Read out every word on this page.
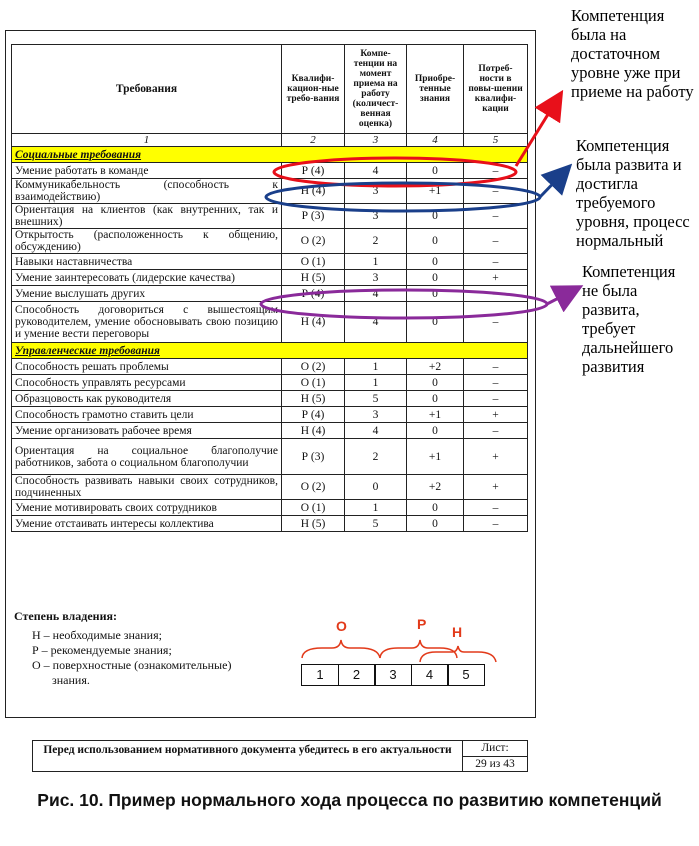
Требования	Квалифи-кацион-ные требо-вания	Компе-тенции на момент приема на работу (количест-венная оценка)	Приобре-тенные знания	Потреб-ности в повы-шении квалифи-кации
1	2	3	4	5
Социальные требования				
Умение работать в команде	Р (4)	4	0	–
Коммуникабельность (способность к взаимодействию)	Н (4)	3	+1	–
Ориентация на клиентов (как внутренних, так и внешних)	Р (3)	3	0	–
Открытость (расположенность к общению, обсуждению)	О (2)	2	0	–
Навыки наставничества	О (1)	1	0	–
Умение заинтересовать (лидерские качества)	Н (5)	3	0	+
Умение выслушать других	Р (4)	4	0	–
Способность договориться с вышестоящим руководителем, умение обосновывать свою позицию и умение вести переговоры	Н (4)	4	0	–
Управленческие требования				
Способность решать проблемы	О (2)	1	+2	–
Способность управлять ресурсами	О (1)	1	0	–
Образцовость как руководителя	Н (5)	5	0	–
Способность грамотно ставить цели	Р (4)	3	+1	+
Умение организовать рабочее время	Н (4)	4	0	–
Ориентация на социальное благополучие работников, забота о социальном благополучии	Р (3)	2	+1	+
Способность развивать навыки своих сотрудников, подчиненных	О (2)	0	+2	+
Умение мотивировать своих сотрудников	О (1)	1	0	–
Умение отстаивать интересы коллектива	Н (5)	5	0	–
Степень владения:
Н – необходимые знания;
Р – рекомендуемые знания;
О – поверхностные (ознакомительные)
знания.
О	Р Н
1	2	3	4	5
Перед использованием нормативного документа убедитесь в его актуальности	Лист:
29 из 43
Компетенция была на достаточном уровне уже при приеме на работу
Компетенция была развита и достигла требуемого уровня, процесс нормальный
Компетенция не была развита, требует дальнейшего развития
Рис. 10. Пример нормального хода процесса по развитию компетенций
